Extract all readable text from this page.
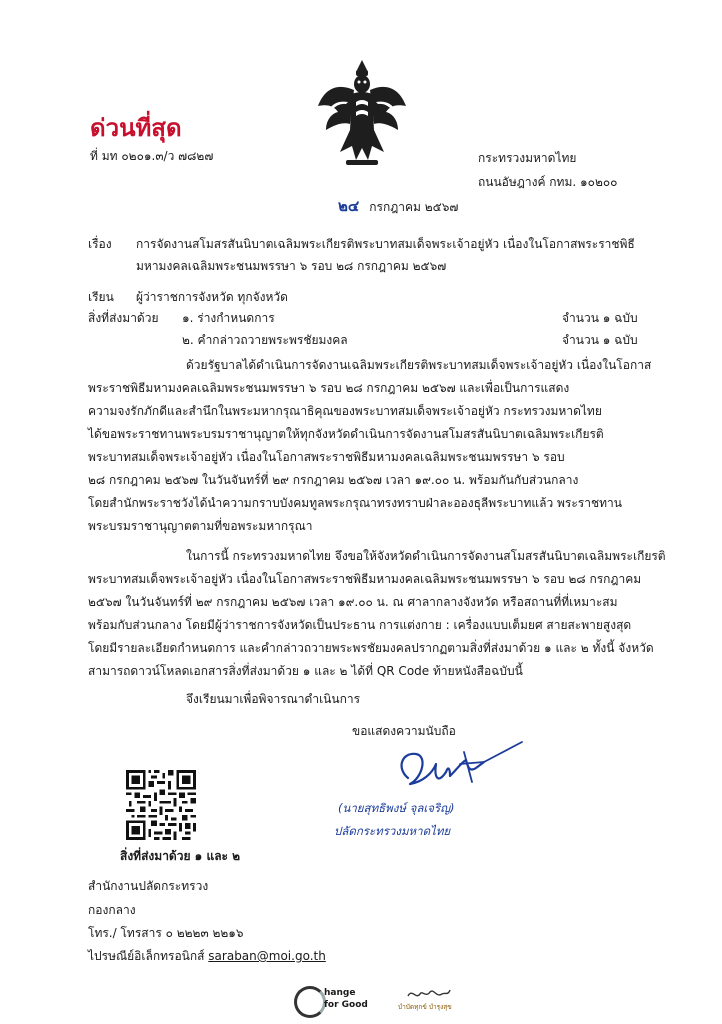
ด่วนที่สุด
ที่ มท ๐๒๐๑.๓/ว ๗๘๒๗	กระทรวงมหาดไทย
ถนนอัษฎางค์ กทม. ๑๐๒๐๐
๒๔ กรกฎาคม ๒๕๖๗
เรื่อง การจัดงานสโมสรสันนิบาตเฉลิมพระเกียรติพระบาทสมเด็จพระเจ้าอยู่หัว เนื่องในโอกาสพระราชพิธี
มหามงคลเฉลิมพระชนมพรรษา ๖ รอบ ๒๘ กรกฎาคม ๒๕๖๗
เรียน ผู้ว่าราชการจังหวัด ทุกจังหวัด
สิ่งที่ส่งมาด้วย ๑. ร่างกำหนดการ	จำนวน ๑ ฉบับ
๒. คำกล่าวถวายพระพรชัยมงคล	จำนวน ๑ ฉบับ
ด้วยรัฐบาลได้ดำเนินการจัดงานเฉลิมพระเกียรติพระบาทสมเด็จพระเจ้าอยู่หัว เนื่องในโอกาส
พระราชพิธีมหามงคลเฉลิมพระชนมพรรษา ๖ รอบ ๒๘ กรกฎาคม ๒๕๖๗ และเพื่อเป็นการแสดง
ความจงรักภักดีและสำนึกในพระมหากรุณาธิคุณของพระบาทสมเด็จพระเจ้าอยู่หัว กระทรวงมหาดไทย
ได้ขอพระราชทานพระบรมราชานุญาตให้ทุกจังหวัดดำเนินการจัดงานสโมสรสันนิบาตเฉลิมพระเกียรติ
พระบาทสมเด็จพระเจ้าอยู่หัว เนื่องในโอกาสพระราชพิธีมหามงคลเฉลิมพระชนมพรรษา ๖ รอบ
๒๘ กรกฎาคม ๒๕๖๗ ในวันจันทร์ที่ ๒๙ กรกฎาคม ๒๕๖๗ เวลา ๑๙.๐๐ น. พร้อมกันกับส่วนกลาง
โดยสำนักพระราชวังได้นำความกราบบังคมทูลพระกรุณาทรงทราบฝ่าละอองธุลีพระบาทแล้ว พระราชทาน
พระบรมราชานุญาตตามที่ขอพระมหากรุณา
ในการนี้ กระทรวงมหาดไทย จึงขอให้จังหวัดดำเนินการจัดงานสโมสรสันนิบาตเฉลิมพระเกียรติ
พระบาทสมเด็จพระเจ้าอยู่หัว เนื่องในโอกาสพระราชพิธีมหามงคลเฉลิมพระชนมพรรษา ๖ รอบ ๒๘ กรกฎาคม
๒๕๖๗ ในวันจันทร์ที่ ๒๙ กรกฎาคม ๒๕๖๗ เวลา ๑๙.๐๐ น. ณ ศาลากลางจังหวัด หรือสถานที่ที่เหมาะสม
พร้อมกับส่วนกลาง โดยมีผู้ว่าราชการจังหวัดเป็นประธาน การแต่งกาย : เครื่องแบบเต็มยศ สายสะพายสูงสุด
โดยมีรายละเอียดกำหนดการ และคำกล่าวถวายพระพรชัยมงคลปรากฏตามสิ่งที่ส่งมาด้วย ๑ และ ๒ ทั้งนี้ จังหวัด
สามารถดาวน์โหลดเอกสารสิ่งที่ส่งมาด้วย ๑ และ ๒ ได้ที่ QR Code ท้ายหนังสือฉบับนี้
จึงเรียนมาเพื่อพิจารณาดำเนินการ
ขอแสดงความนับถือ
(นายสุทธิพงษ์ จุลเจริญ)
ปลัดกระทรวงมหาดไทย
สิ่งที่ส่งมาด้วย ๑ และ ๒
สำนักงานปลัดกระทรวง
กองกลาง
โทร./ โทรสาร ๐ ๒๒๒๓ ๒๒๑๖
ไปรษณีย์อิเล็กทรอนิกส์ saraban@moi.go.th
hange
for Good	บำบัดทุกข์ บำรุงสุข
